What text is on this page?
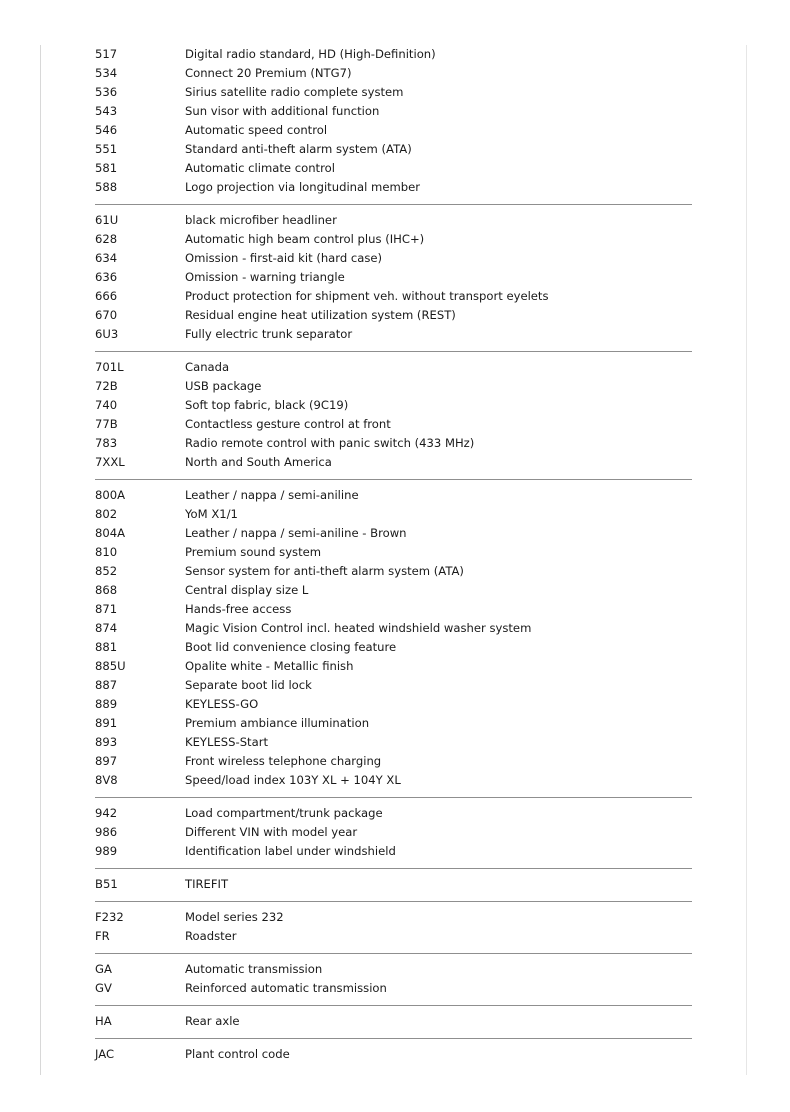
517	Digital radio standard, HD (High-Definition)
534	Connect 20 Premium (NTG7)
536	Sirius satellite radio complete system
543	Sun visor with additional function
546	Automatic speed control
551	Standard anti-theft alarm system (ATA)
581	Automatic climate control
588	Logo projection via longitudinal member
61U	black microfiber headliner
628	Automatic high beam control plus (IHC+)
634	Omission - first-aid kit (hard case)
636	Omission - warning triangle
666	Product protection for shipment veh. without transport eyelets
670	Residual engine heat utilization system (REST)
6U3	Fully electric trunk separator
701L	Canada
72B	USB package
740	Soft top fabric, black (9C19)
77B	Contactless gesture control at front
783	Radio remote control with panic switch (433 MHz)
7XXL	North and South America
800A	Leather / nappa / semi-aniline
802	YoM X1/1
804A	Leather / nappa / semi-aniline - Brown
810	Premium sound system
852	Sensor system for anti-theft alarm system (ATA)
868	Central display size L
871	Hands-free access
874	Magic Vision Control incl. heated windshield washer system
881	Boot lid convenience closing feature
885U	Opalite white - Metallic finish
887	Separate boot lid lock
889	KEYLESS-GO
891	Premium ambiance illumination
893	KEYLESS-Start
897	Front wireless telephone charging
8V8	Speed/load index 103Y XL + 104Y XL
942	Load compartment/trunk package
986	Different VIN with model year
989	Identification label under windshield
B51	TIREFIT
F232	Model series 232
FR	Roadster
GA	Automatic transmission
GV	Reinforced automatic transmission
HA	Rear axle
JAC	Plant control code
